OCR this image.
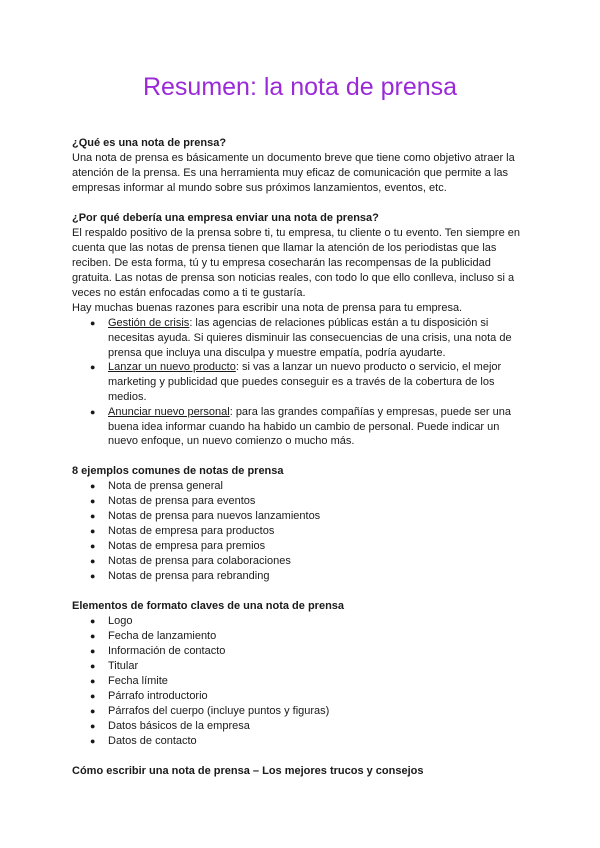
Resumen: la nota de prensa
¿Qué es una nota de prensa?

Una nota de prensa es básicamente un documento breve que tiene como objetivo atraer la atención de la prensa. Es una herramienta muy eficaz de comunicación que permite a las empresas informar al mundo sobre sus próximos lanzamientos, eventos, etc.

¿Por qué debería una empresa enviar una nota de prensa?

El respaldo positivo de la prensa sobre ti, tu empresa, tu cliente o tu evento. Ten siempre en cuenta que las notas de prensa tienen que llamar la atención de los periodistas que las reciben. De esta forma, tú y tu empresa cosecharán las recompensas de la publicidad gratuita. Las notas de prensa son noticias reales, con todo lo que ello conlleva, incluso si a veces no están enfocadas como a ti te gustaría.

Hay muchas buenas razones para escribir una nota de prensa para tu empresa.

● Gestión de crisis: las agencias de relaciones públicas están a tu disposición si necesitas ayuda. Si quieres disminuir las consecuencias de una crisis, una nota de prensa que incluya una disculpa y muestre empatía, podría ayudarte.
● Lanzar un nuevo producto: si vas a lanzar un nuevo producto o servicio, el mejor marketing y publicidad que puedes conseguir es a través de la cobertura de los medios.
● Anunciar nuevo personal: para las grandes compañías y empresas, puede ser una buena idea informar cuando ha habido un cambio de personal. Puede indicar un nuevo enfoque, un nuevo comienzo o mucho más.
8 ejemplos comunes de notas de prensa
● Nota de prensa general
● Notas de prensa para eventos
● Notas de prensa para nuevos lanzamientos
● Notas de empresa para productos
● Notas de empresa para premios
● Notas de prensa para colaboraciones
● Notas de prensa para rebranding
Elementos de formato claves de una nota de prensa
● Logo
● Fecha de lanzamiento
● Información de contacto
● Titular
● Fecha límite
● Párrafo introductorio
● Párrafos del cuerpo (incluye puntos y figuras)
● Datos básicos de la empresa
● Datos de contacto
Cómo escribir una nota de prensa – Los mejores trucos y consejos
